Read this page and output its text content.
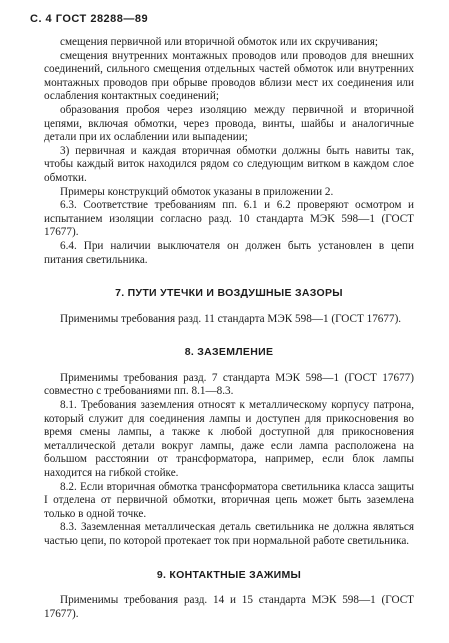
С. 4 ГОСТ 28288—89

смещения первичной или вторичной обмоток или их скручивания;

смещения внутренних монтажных проводов или проводов для внешних соединений, сильного смещения отдельных частей обмоток или внутренних монтажных проводов при обрыве проводов вблизи мест их соединения или ослабления контактных соединений;

образования пробоя через изоляцию между первичной и вторичной цепями, включая обмотки, через провода, винты, шайбы и аналогичные детали при их ослаблении или выпадении;

3) первичная и каждая вторичная обмотки должны быть навиты так, чтобы каждый виток находился рядом со следующим витком в каждом слое обмотки.

Примеры конструкций обмоток указаны в приложении 2.

6.3. Соответствие требованиям пп. 6.1 и 6.2 проверяют осмотром и испытанием изоляции согласно разд. 10 стандарта МЭК 598—1 (ГОСТ 17677).

6.4. При наличии выключателя он должен быть установлен в цепи питания светильника.

7. ПУТИ УТЕЧКИ И ВОЗДУШНЫЕ ЗАЗОРЫ

Применимы требования разд. 11 стандарта МЭК 598—1 (ГОСТ 17677).

8. ЗАЗЕМЛЕНИЕ

Применимы требования разд. 7 стандарта МЭК 598—1 (ГОСТ 17677) совместно с требованиями пп. 8.1—8.3.

8.1. Требования заземления относят к металлическому корпусу патрона, который служит для соединения лампы и доступен для прикосновения во время смены лампы, а также к любой доступной для прикосновения металлической детали вокруг лампы, даже если лампа расположена на большом расстоянии от трансформатора, например, если блок лампы находится на гибкой стойке.

8.2. Если вторичная обмотка трансформатора светильника класса защиты I отделена от первичной обмотки, вторичная цепь может быть заземлена только в одной точке.

8.3. Заземленная металлическая деталь светильника не должна являться частью цепи, по которой протекает ток при нормальной работе светильника.

9. КОНТАКТНЫЕ ЗАЖИМЫ

Применимы требования разд. 14 и 15 стандарта МЭК 598—1 (ГОСТ 17677).
